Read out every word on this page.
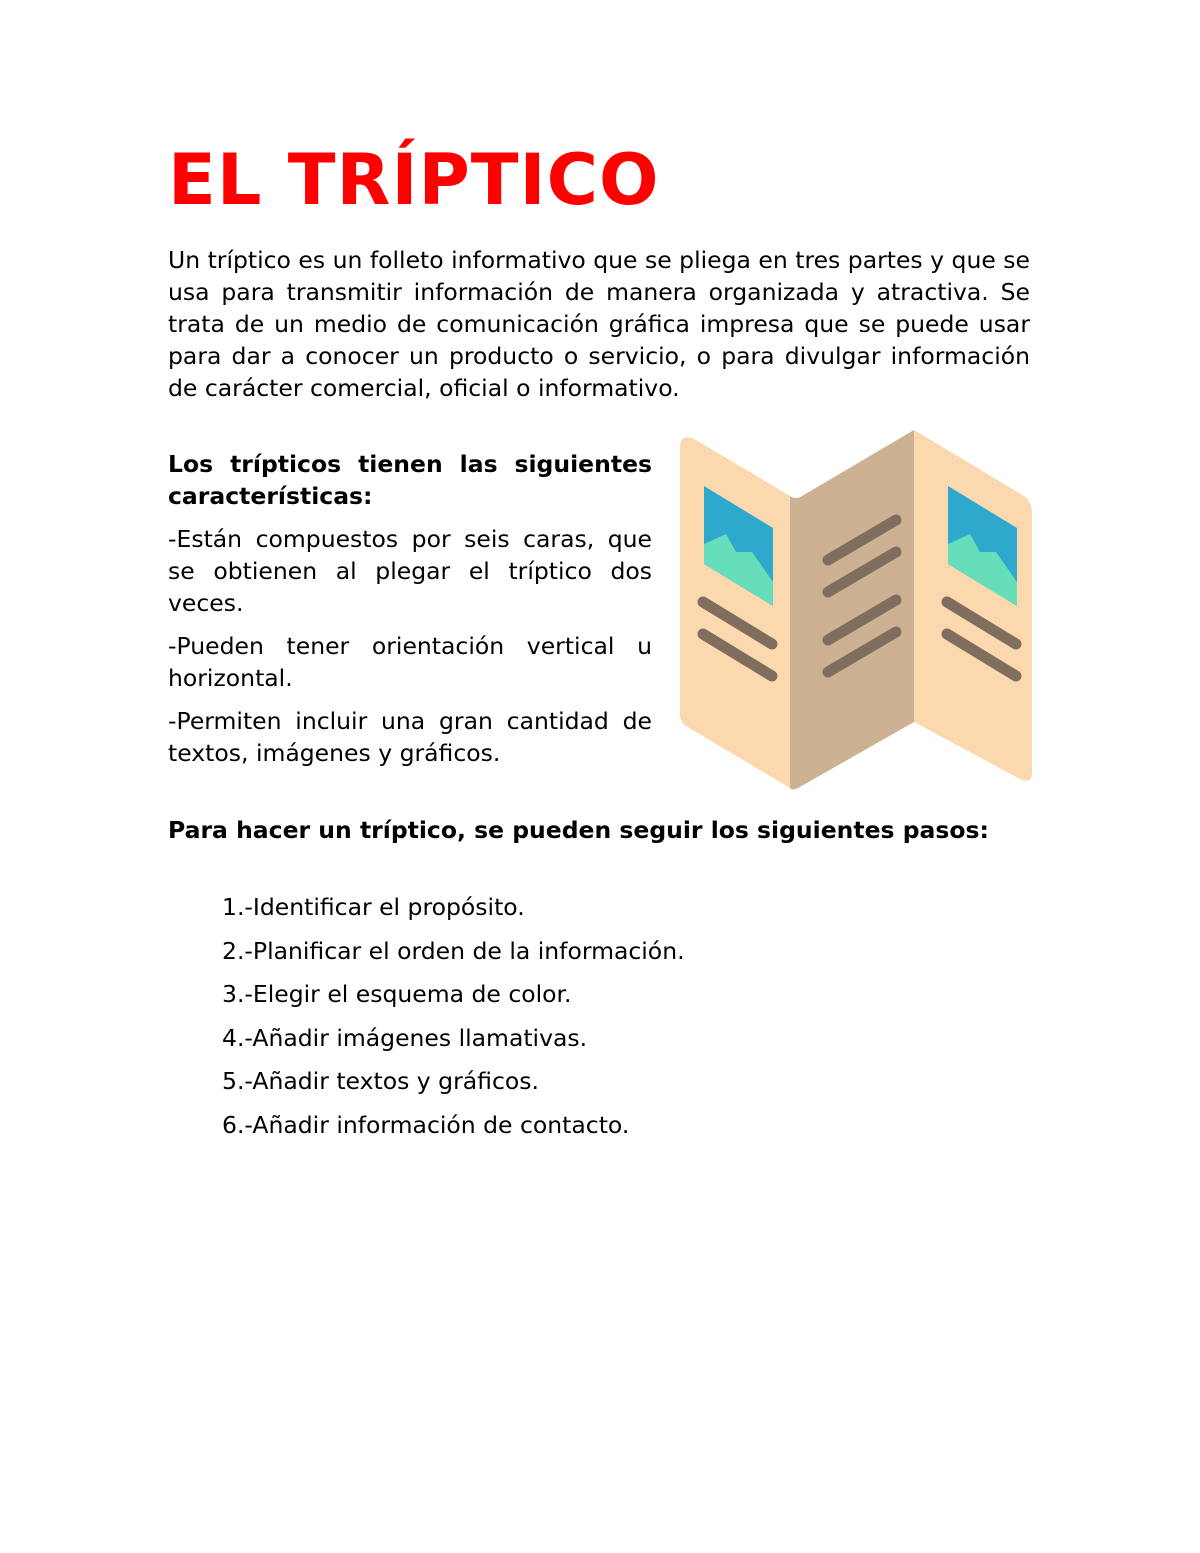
EL TRÍPTICO

Un tríptico es un folleto informativo que se pliega en tres partes y que se usa para transmitir información de manera organizada y atractiva. Se trata de un medio de comunicación gráfica impresa que se puede usar para dar a conocer un producto o servicio, o para divulgar información de carácter comercial, oficial o informativo.

Los trípticos tienen las siguientes características:

-Están compuestos por seis caras, que se obtienen al plegar el tríptico dos veces.

-Pueden tener orientación vertical u horizontal.

-Permiten incluir una gran cantidad de textos, imágenes y gráficos.

Para hacer un tríptico, se pueden seguir los siguientes pasos:

1.-Identificar el propósito.
2.-Planificar el orden de la información.
3.-Elegir el esquema de color.
4.-Añadir imágenes llamativas.
5.-Añadir textos y gráficos.
6.-Añadir información de contacto.
